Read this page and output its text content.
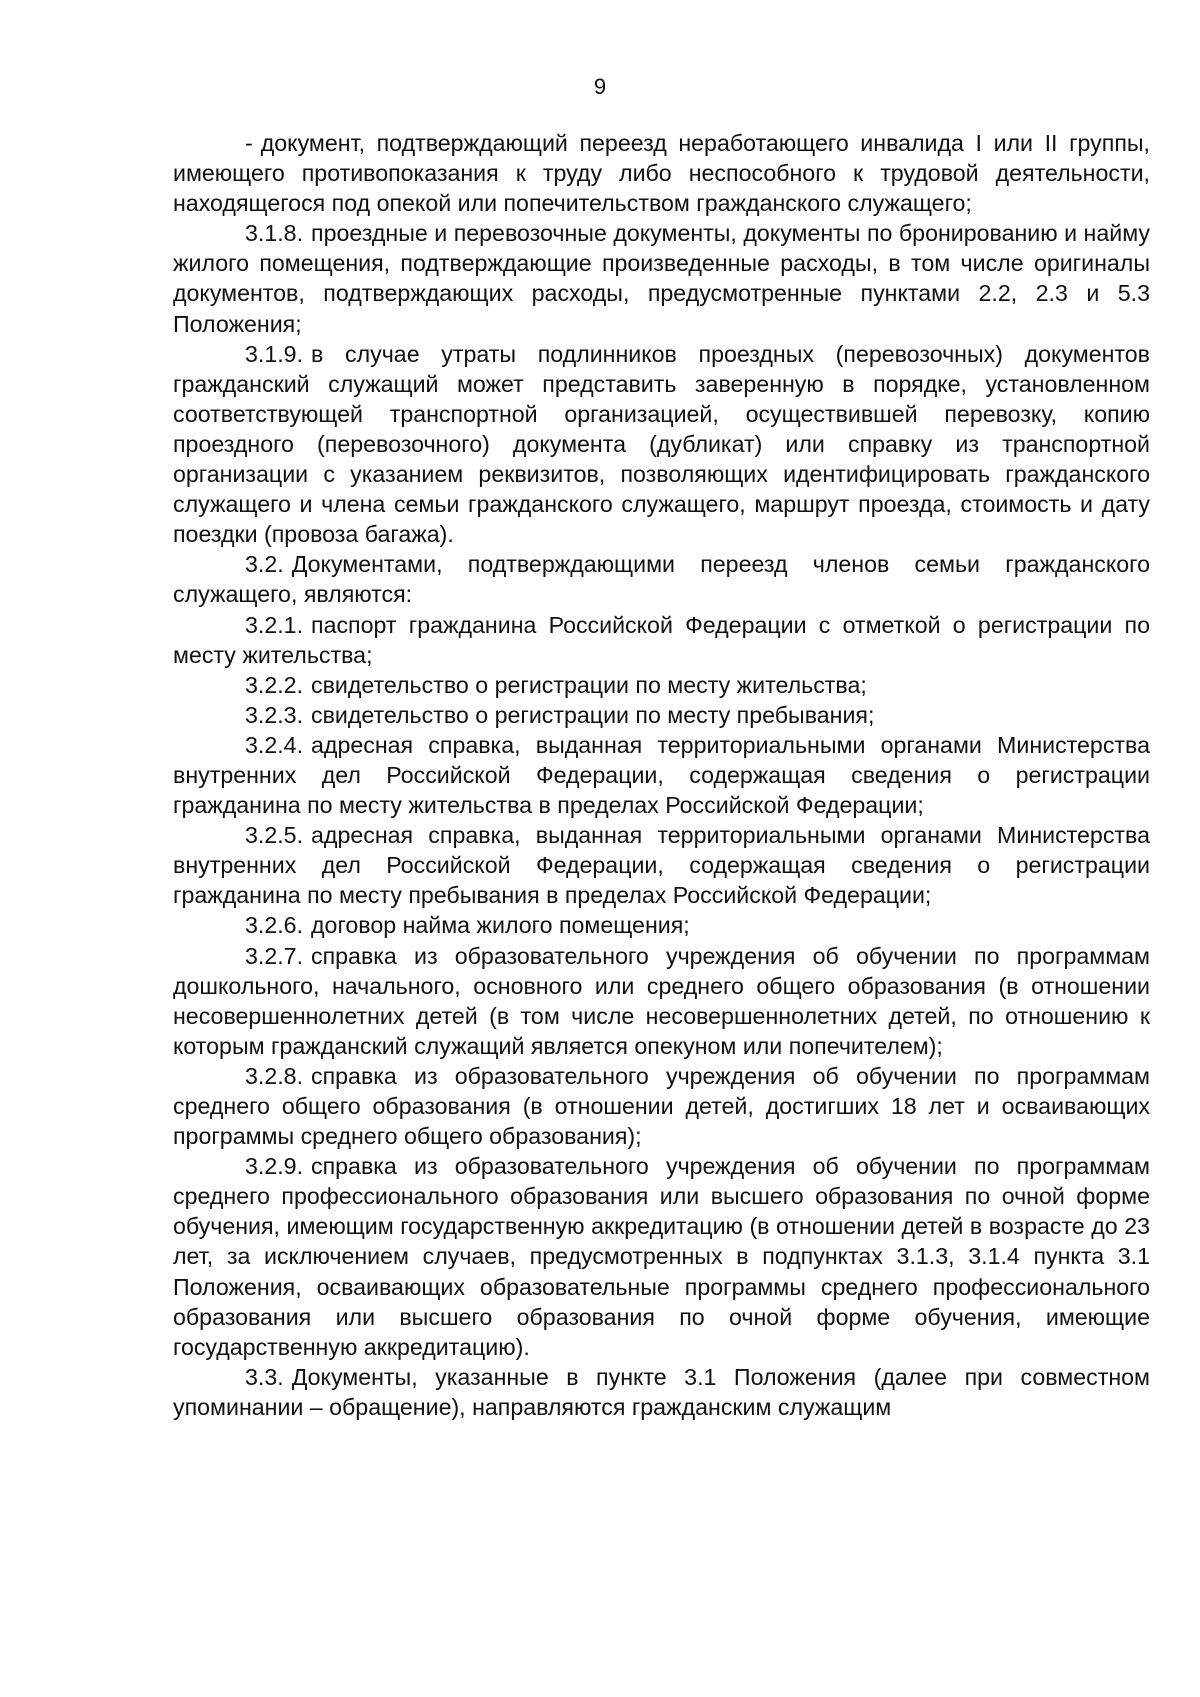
9

- документ, подтверждающий переезд неработающего инвалида I или II группы, имеющего противопоказания к труду либо неспособного к трудовой деятельности, находящегося под опекой или попечительством гражданского служащего;

3.1.8. проездные и перевозочные документы, документы по бронированию и найму жилого помещения, подтверждающие произведенные расходы, в том числе оригиналы документов, подтверждающих расходы, предусмотренные пунктами 2.2, 2.3 и 5.3 Положения;

3.1.9. в случае утраты подлинников проездных (перевозочных) документов гражданский служащий может представить заверенную в порядке, установленном соответствующей транспортной организацией, осуществившей перевозку, копию проездного (перевозочного) документа (дубликат) или справку из транспортной организации с указанием реквизитов, позволяющих идентифицировать гражданского служащего и члена семьи гражданского служащего, маршрут проезда, стоимость и дату поездки (провоза багажа).

3.2. Документами, подтверждающими переезд членов семьи гражданского служащего, являются:

3.2.1. паспорт гражданина Российской Федерации с отметкой о регистрации по месту жительства;

3.2.2. свидетельство о регистрации по месту жительства;

3.2.3. свидетельство о регистрации по месту пребывания;

3.2.4. адресная справка, выданная территориальными органами Министерства внутренних дел Российской Федерации, содержащая сведения о регистрации гражданина по месту жительства в пределах Российской Федерации;

3.2.5. адресная справка, выданная территориальными органами Министерства внутренних дел Российской Федерации, содержащая сведения о регистрации гражданина по месту пребывания в пределах Российской Федерации;

3.2.6. договор найма жилого помещения;

3.2.7. справка из образовательного учреждения об обучении по программам дошкольного, начального, основного или среднего общего образования (в отношении несовершеннолетних детей (в том числе несовершеннолетних детей, по отношению к которым гражданский служащий является опекуном или попечителем);

3.2.8. справка из образовательного учреждения об обучении по программам среднего общего образования (в отношении детей, достигших 18 лет и осваивающих программы среднего общего образования);

3.2.9. справка из образовательного учреждения об обучении по программам среднего профессионального образования или высшего образования по очной форме обучения, имеющим государственную аккредитацию (в отношении детей в возрасте до 23 лет, за исключением случаев, предусмотренных в подпунктах 3.1.3, 3.1.4 пункта 3.1 Положения, осваивающих образовательные программы среднего профессионального образования или высшего образования по очной форме обучения, имеющие государственную аккредитацию).

3.3. Документы, указанные в пункте 3.1 Положения (далее при совместном упоминании – обращение), направляются гражданским служащим
